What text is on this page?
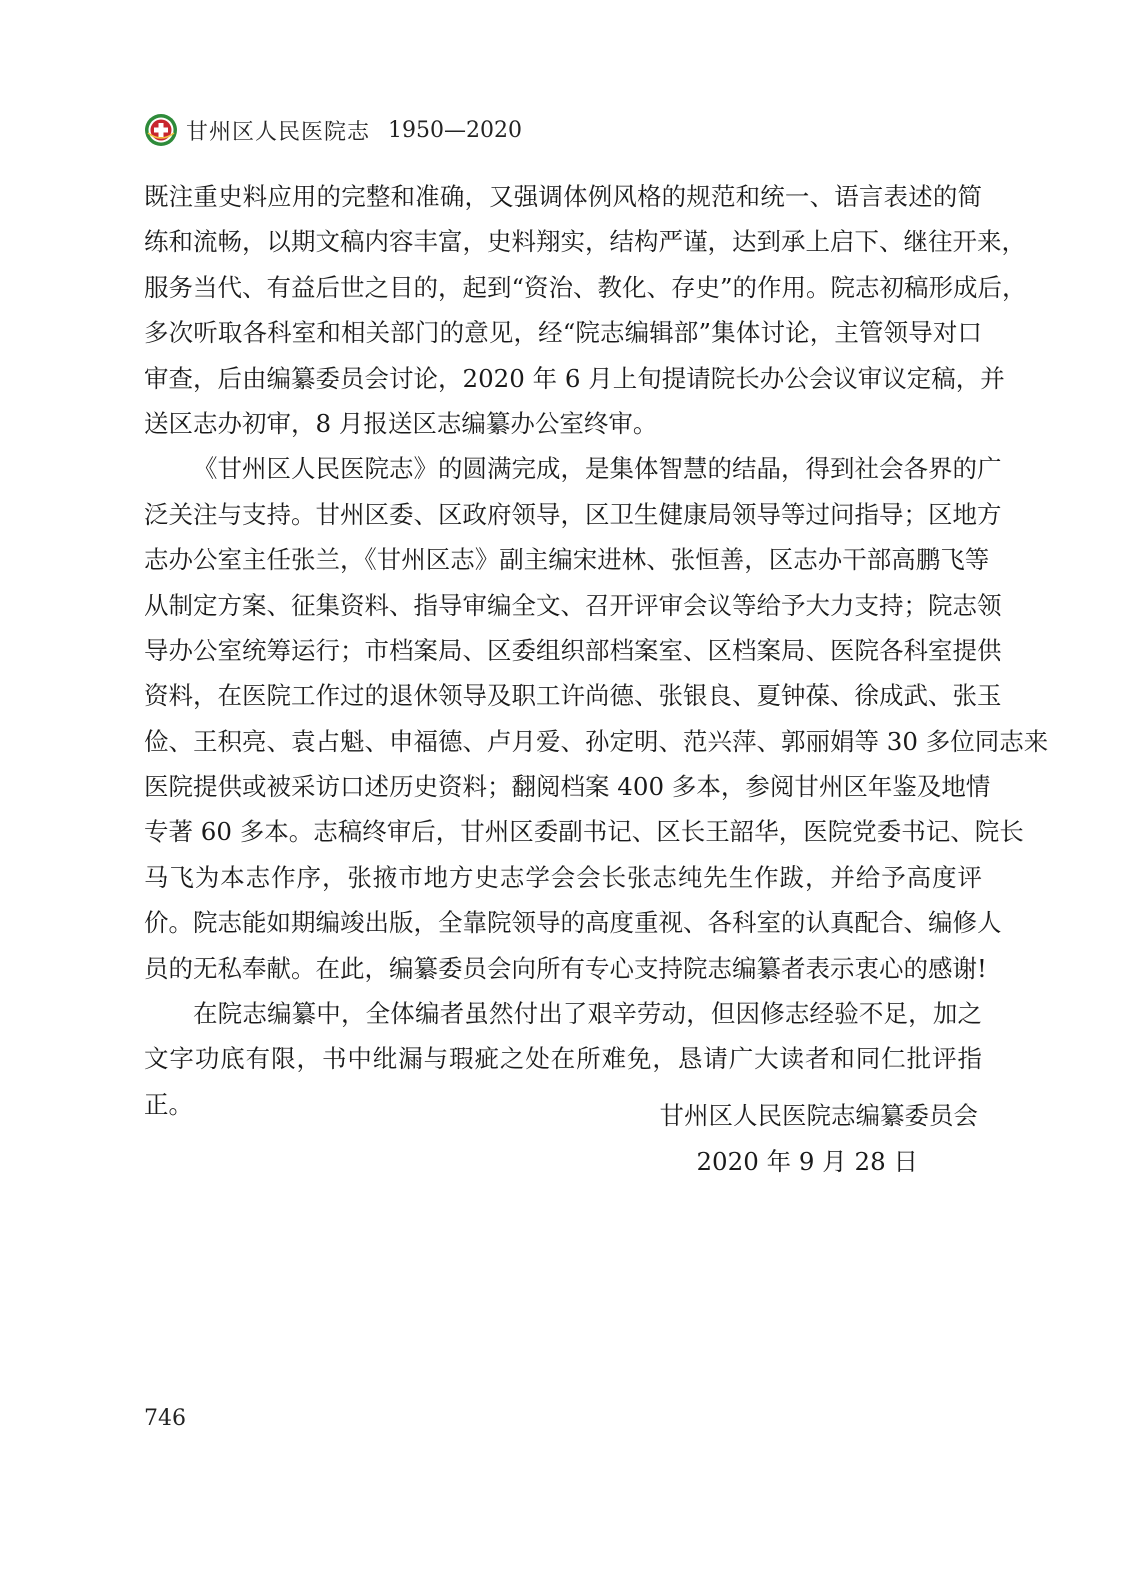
甘州区人民医院志 1950—2020
既注重史料应用的完整和准确，又强调体例风格的规范和统一、语言表述的简
练和流畅，以期文稿内容丰富，史料翔实，结构严谨，达到承上启下、继往开来，
服务当代、有益后世之目的，起到“资治、教化、存史”的作用。院志初稿形成后，
多次听取各科室和相关部门的意见，经“院志编辑部”集体讨论，主管领导对口
审查，后由编纂委员会讨论，2020 年 6 月上旬提请院长办公会议审议定稿，并
送区志办初审，8 月报送区志编纂办公室终审。
《甘州区人民医院志》的圆满完成，是集体智慧的结晶，得到社会各界的广
泛关注与支持。甘州区委、区政府领导，区卫生健康局领导等过问指导；区地方
志办公室主任张兰，《甘州区志》副主编宋进林、张恒善，区志办干部高鹏飞等
从制定方案、征集资料、指导审编全文、召开评审会议等给予大力支持；院志领
导办公室统筹运行；市档案局、区委组织部档案室、区档案局、医院各科室提供
资料，在医院工作过的退休领导及职工许尚德、张银良、夏钟葆、徐成武、张玉
俭、王积亮、袁占魁、申福德、卢月爱、孙定明、范兴萍、郭丽娟等 30 多位同志来
医院提供或被采访口述历史资料；翻阅档案 400 多本，参阅甘州区年鉴及地情
专著 60 多本。志稿终审后，甘州区委副书记、区长王韶华，医院党委书记、院长
马飞为本志作序，张掖市地方史志学会会长张志纯先生作跋，并给予高度评
价。院志能如期编竣出版，全靠院领导的高度重视、各科室的认真配合、编修人
员的无私奉献。在此，编纂委员会向所有专心支持院志编纂者表示衷心的感谢!
在院志编纂中，全体编者虽然付出了艰辛劳动，但因修志经验不足，加之
文字功底有限，书中纰漏与瑕疵之处在所难免，恳请广大读者和同仁批评指
正。	甘州区人民医院志编纂委员会
2020 年 9 月 28 日
746
